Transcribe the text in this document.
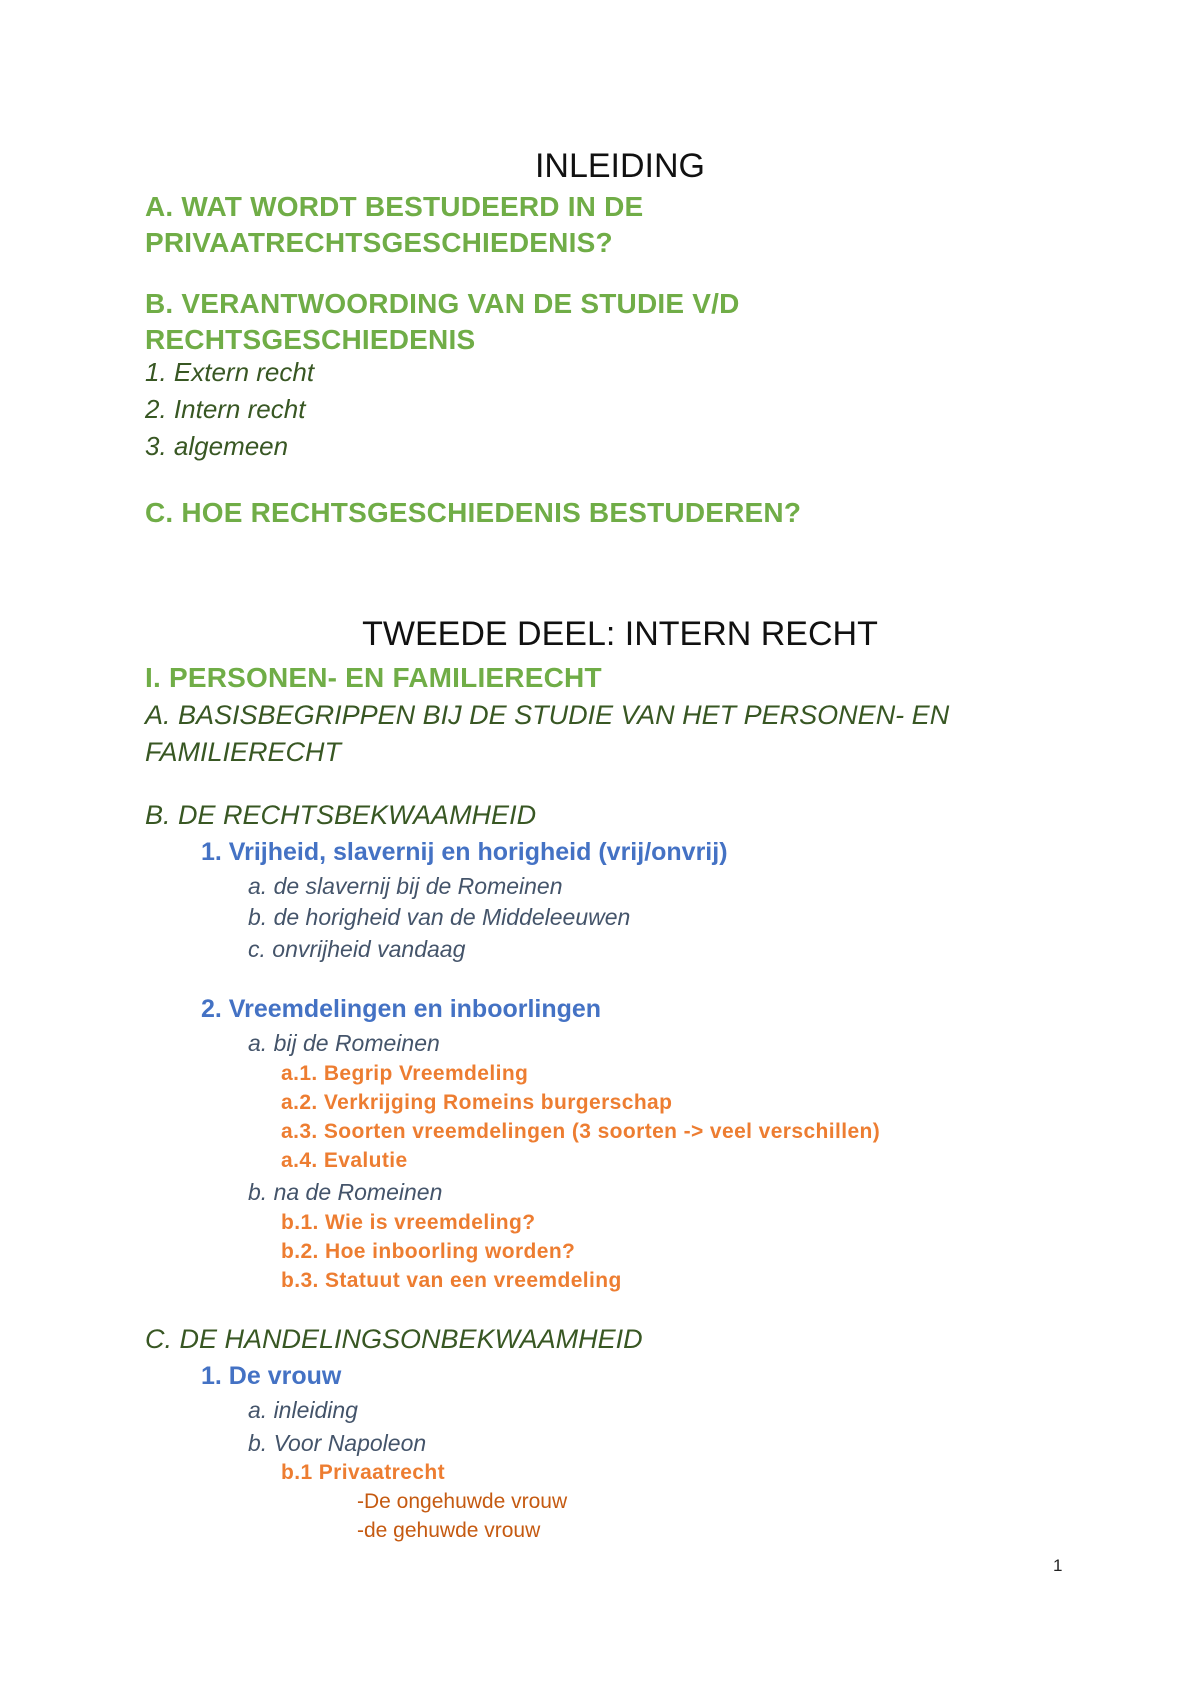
INLEIDING
A. WAT WORDT BESTUDEERD IN DE
PRIVAATRECHTSGESCHIEDENIS?
B. VERANTWOORDING VAN DE STUDIE V/D
RECHTSGESCHIEDENIS
1. Extern recht
2. Intern recht
3. algemeen
C. HOE RECHTSGESCHIEDENIS BESTUDEREN?
TWEEDE DEEL: INTERN RECHT
I. PERSONEN- EN FAMILIERECHT
A. BASISBEGRIPPEN BIJ DE STUDIE VAN HET PERSONEN- EN
FAMILIERECHT
B. DE RECHTSBEKWAAMHEID
1. Vrijheid, slavernij en horigheid (vrij/onvrij)
a. de slavernij bij de Romeinen
b. de horigheid van de Middeleeuwen
c. onvrijheid vandaag
2. Vreemdelingen en inboorlingen
a. bij de Romeinen
a.1. Begrip Vreemdeling
a.2. Verkrijging Romeins burgerschap
a.3. Soorten vreemdelingen (3 soorten -> veel verschillen)
a.4. Evalutie
b. na de Romeinen
b.1. Wie is vreemdeling?
b.2. Hoe inboorling worden?
b.3. Statuut van een vreemdeling
C. DE HANDELINGSONBEKWAAMHEID
1. De vrouw
a. inleiding
b. Voor Napoleon
b.1 Privaatrecht
-De ongehuwde vrouw
-de gehuwde vrouw
1
